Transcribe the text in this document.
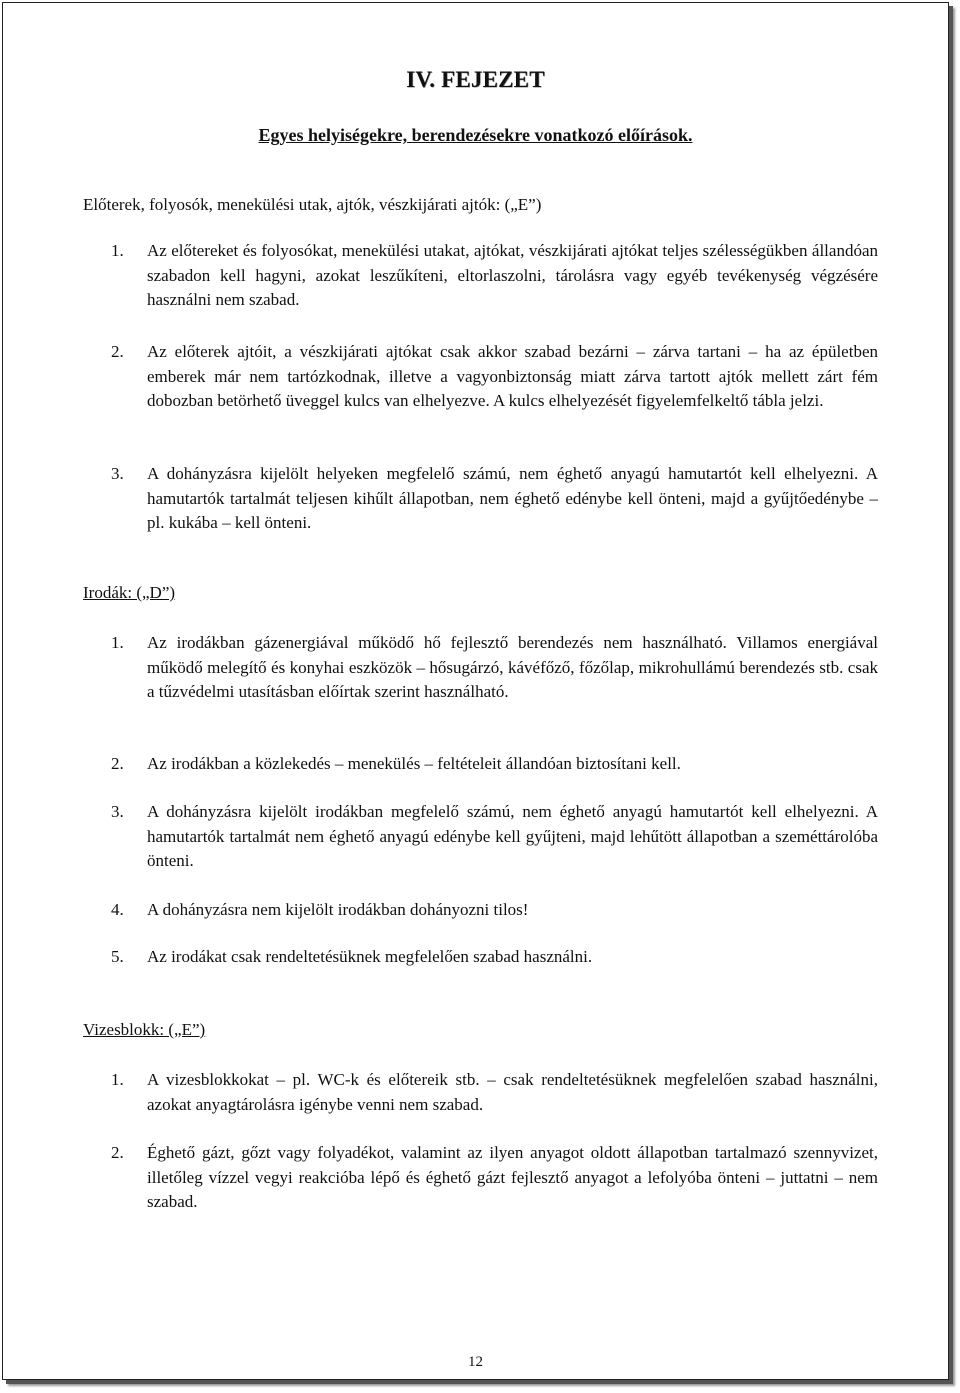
IV. FEJEZET
Egyes helyiségekre, berendezésekre vonatkozó előírások.
Előterek, folyosók, menekülési utak, ajtók, vészkijárati ajtók: („E”)
1.	Az előtereket és folyosókat, menekülési utakat, ajtókat, vészkijárati ajtókat teljes szélességükben állandóan szabadon kell hagyni, azokat leszűkíteni, eltorlaszolni, tárolásra vagy egyéb tevékenység végzésére használni nem szabad.
2.	Az előterek ajtóit, a vészkijárati ajtókat csak akkor szabad bezárni – zárva tartani – ha az épületben emberek már nem tartózkodnak, illetve a vagyonbiztonság miatt zárva tartott ajtók mellett zárt fém dobozban betörhető üveggel kulcs van elhelyezve. A kulcs elhelyezését figyelemfelkeltő tábla jelzi.
3.	A dohányzásra kijelölt helyeken megfelelő számú, nem éghető anyagú hamutartót kell elhelyezni. A hamutartók tartalmát teljesen kihűlt állapotban, nem éghető edénybe kell önteni, majd a gyűjtőedénybe – pl. kukába – kell önteni.
Irodák: („D”)
1.	Az irodákban gázenergiával működő hő fejlesztő berendezés nem használható. Villamos energiával működő melegítő és konyhai eszközök – hősugárzó, kávéfőző, főzőlap, mikrohullámú berendezés stb. csak a tűzvédelmi utasításban előírtak szerint használható.
2.	Az irodákban a közlekedés – menekülés – feltételeit állandóan biztosítani kell.
3.	A dohányzásra kijelölt irodákban megfelelő számú, nem éghető anyagú hamutartót kell elhelyezni. A hamutartók tartalmát nem éghető anyagú edénybe kell gyűjteni, majd lehűtött állapotban a szeméttárolóba önteni.
4.	A dohányzásra nem kijelölt irodákban dohányozni tilos!
5.	Az irodákat csak rendeltetésüknek megfelelően szabad használni.
Vizesblokk: („E”)
1.	A vizesblokkokat – pl. WC-k és előtereik stb. – csak rendeltetésüknek megfelelően szabad használni, azokat anyagtárolásra igénybe venni nem szabad.
2.	Éghető gázt, gőzt vagy folyadékot, valamint az ilyen anyagot oldott állapotban tartalmazó szennyvizet, illetőleg vízzel vegyi reakcióba lépő és éghető gázt fejlesztő anyagot a lefolyóba önteni – juttatni – nem szabad.
12
